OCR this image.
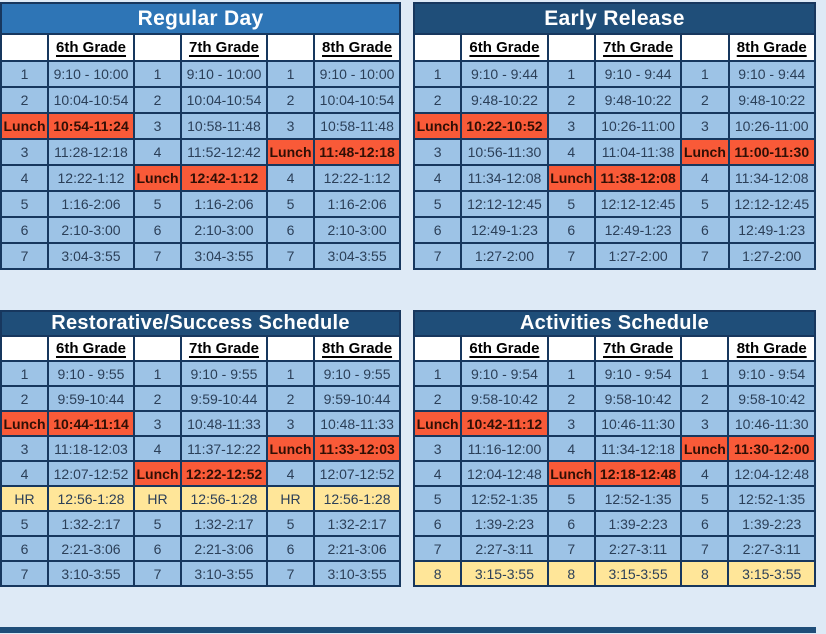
Regular Day					
	6th Grade		7th Grade		8th Grade
1	9:10 - 10:00	1	9:10 - 10:00	1	9:10 - 10:00
2	10:04-10:54	2	10:04-10:54	2	10:04-10:54
Lunch	10:54-11:24	3	10:58-11:48	3	10:58-11:48
3	11:28-12:18	4	11:52-12:42	Lunch	11:48-12:18
4	12:22-1:12	Lunch	12:42-1:12	4	12:22-1:12
5	1:16-2:06	5	1:16-2:06	5	1:16-2:06
6	2:10-3:00	6	2:10-3:00	6	2:10-3:00
7	3:04-3:55	7	3:04-3:55	7	3:04-3:55
Early Release					
	6th Grade		7th Grade		8th Grade
1	9:10 - 9:44	1	9:10 - 9:44	1	9:10 - 9:44
2	9:48-10:22	2	9:48-10:22	2	9:48-10:22
Lunch	10:22-10:52	3	10:26-11:00	3	10:26-11:00
3	10:56-11:30	4	11:04-11:38	Lunch	11:00-11:30
4	11:34-12:08	Lunch	11:38-12:08	4	11:34-12:08
5	12:12-12:45	5	12:12-12:45	5	12:12-12:45
6	12:49-1:23	6	12:49-1:23	6	12:49-1:23
7	1:27-2:00	7	1:27-2:00	7	1:27-2:00
Restorative/Success Schedule					
	6th Grade		7th Grade		8th Grade
1	9:10 - 9:55	1	9:10 - 9:55	1	9:10 - 9:55
2	9:59-10:44	2	9:59-10:44	2	9:59-10:44
Lunch	10:44-11:14	3	10:48-11:33	3	10:48-11:33
3	11:18-12:03	4	11:37-12:22	Lunch	11:33-12:03
4	12:07-12:52	Lunch	12:22-12:52	4	12:07-12:52
HR	12:56-1:28	HR	12:56-1:28	HR	12:56-1:28
5	1:32-2:17	5	1:32-2:17	5	1:32-2:17
6	2:21-3:06	6	2:21-3:06	6	2:21-3:06
7	3:10-3:55	7	3:10-3:55	7	3:10-3:55
Activities Schedule					
	6th Grade		7th Grade		8th Grade
1	9:10 - 9:54	1	9:10 - 9:54	1	9:10 - 9:54
2	9:58-10:42	2	9:58-10:42	2	9:58-10:42
Lunch	10:42-11:12	3	10:46-11:30	3	10:46-11:30
3	11:16-12:00	4	11:34-12:18	Lunch	11:30-12:00
4	12:04-12:48	Lunch	12:18-12:48	4	12:04-12:48
5	12:52-1:35	5	12:52-1:35	5	12:52-1:35
6	1:39-2:23	6	1:39-2:23	6	1:39-2:23
7	2:27-3:11	7	2:27-3:11	7	2:27-3:11
8	3:15-3:55	8	3:15-3:55	8	3:15-3:55
